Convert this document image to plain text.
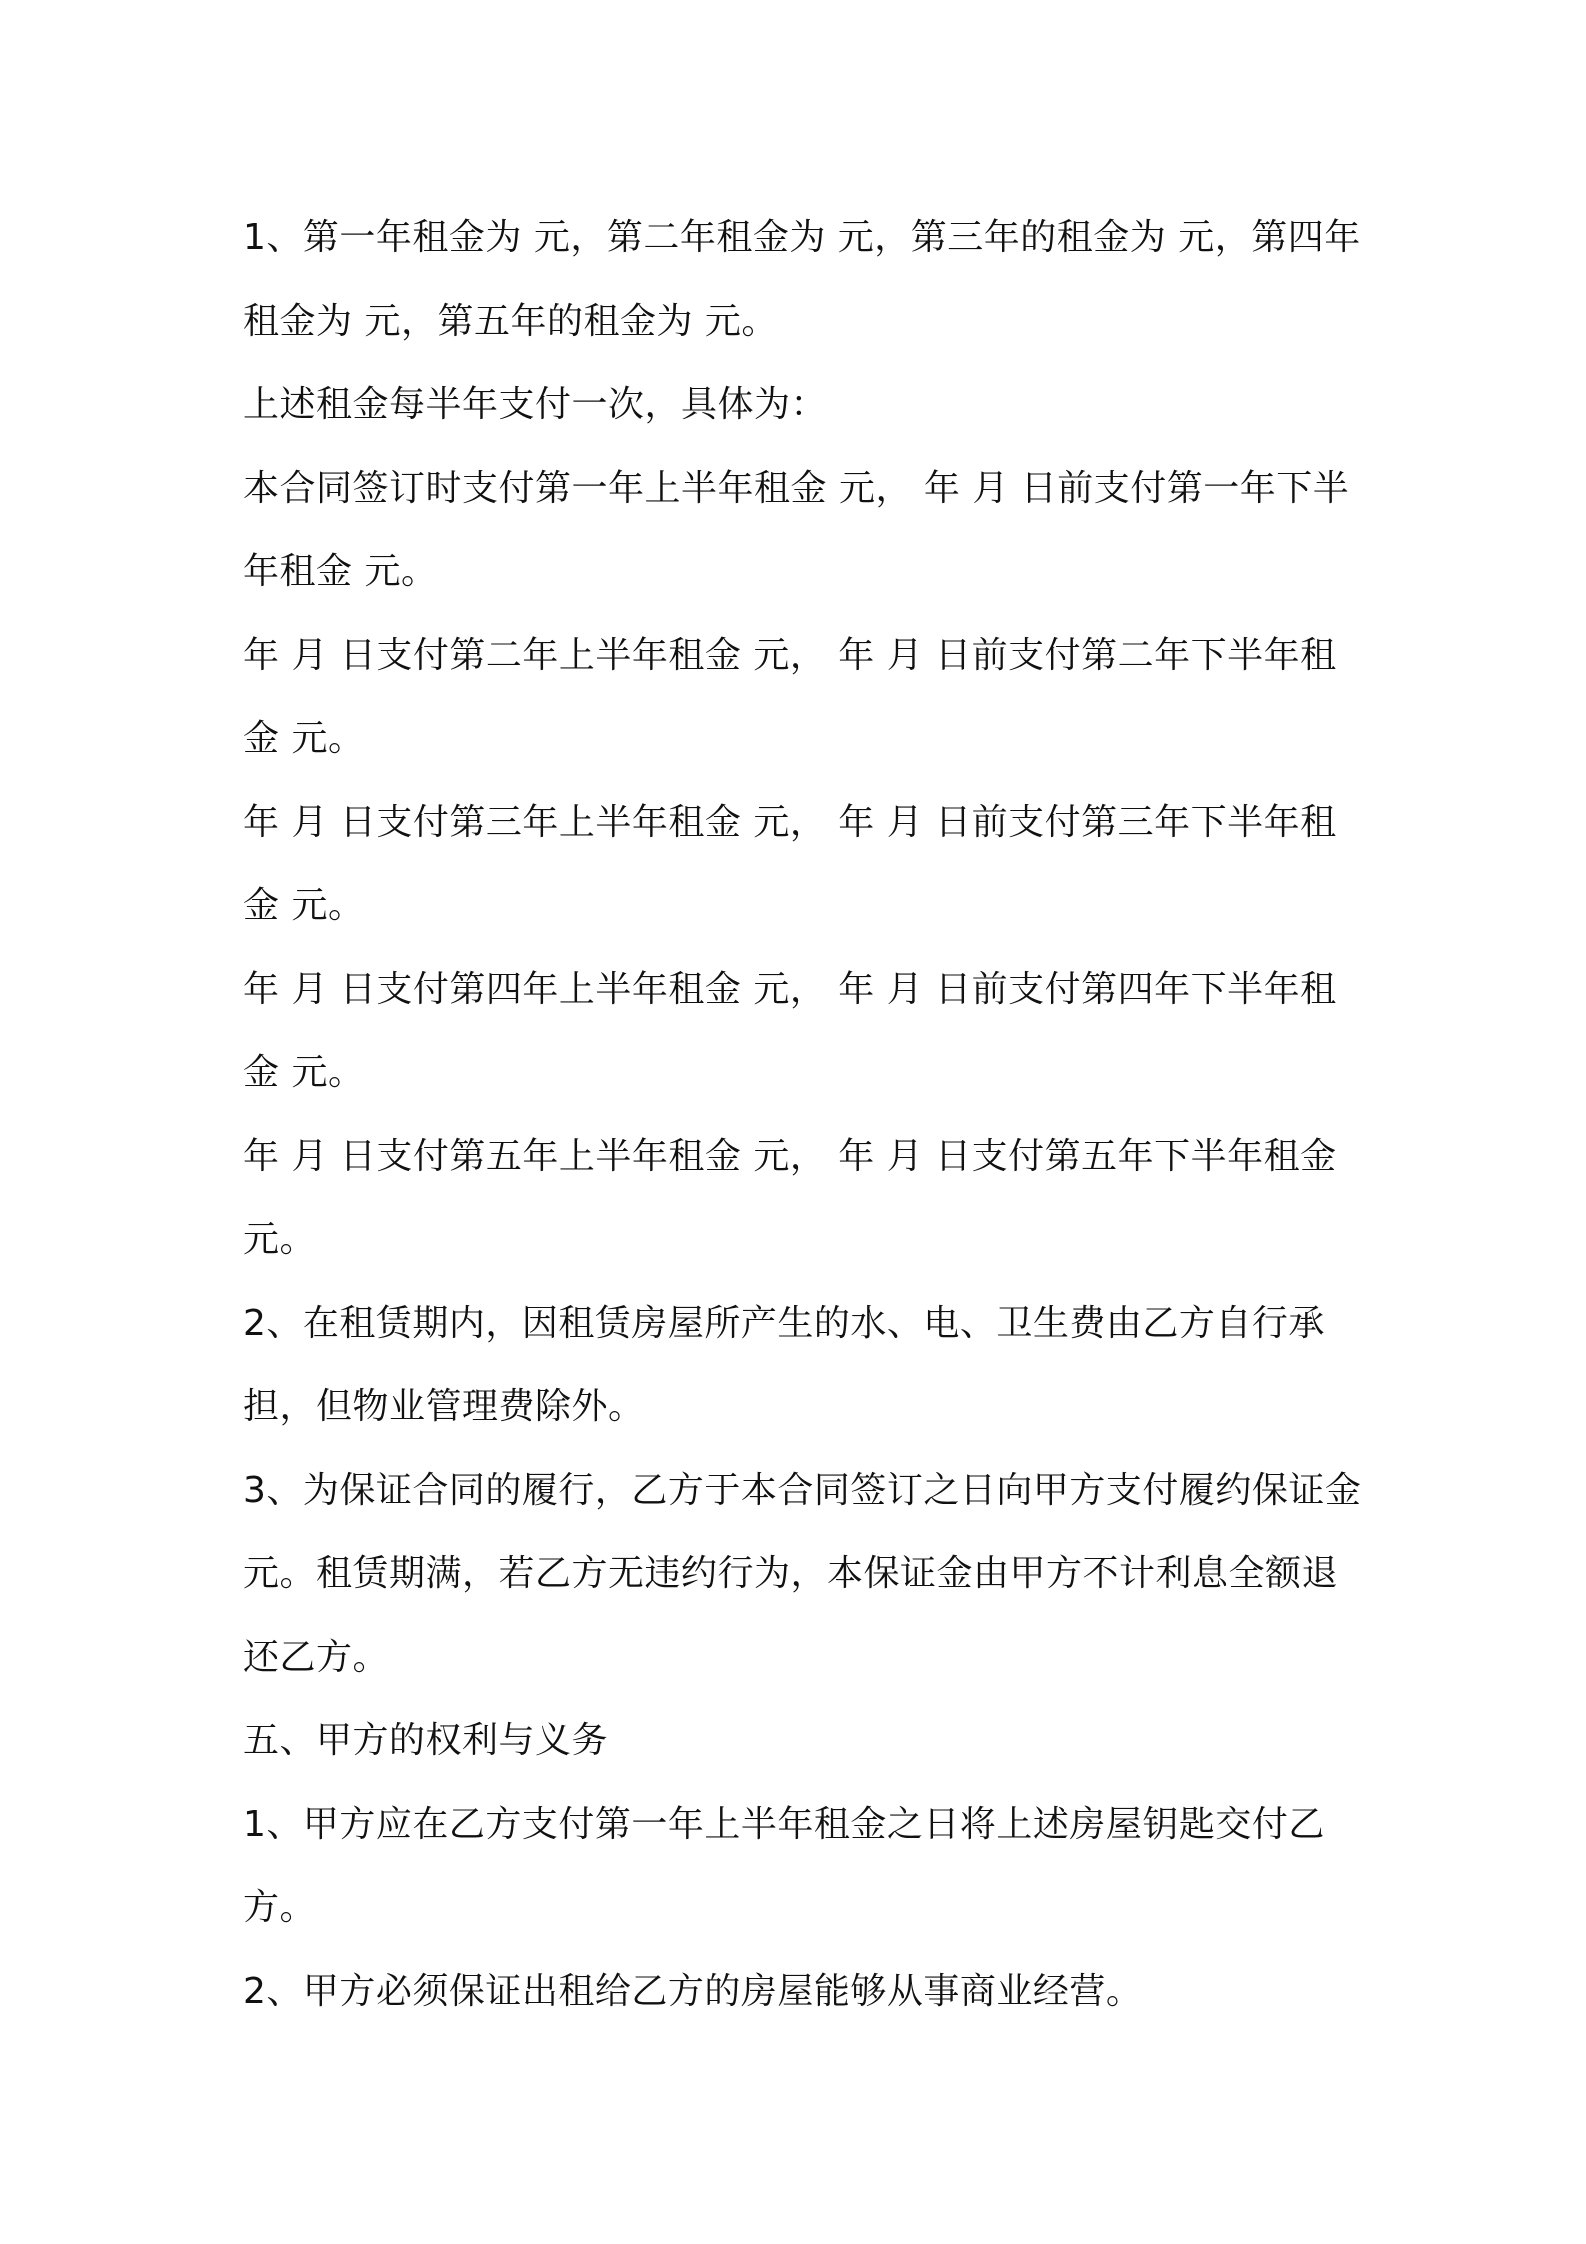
1、第一年租金为 元，第二年租金为 元，第三年的租金为 元，第四年租金为 元，第五年的租金为 元。

上述租金每半年支付一次，具体为：

本合同签订时支付第一年上半年租金 元， 年 月 日前支付第一年下半年租金 元。

年 月 日支付第二年上半年租金 元， 年 月 日前支付第二年下半年租金 元。

年 月 日支付第三年上半年租金 元， 年 月 日前支付第三年下半年租金 元。

年 月 日支付第四年上半年租金 元， 年 月 日前支付第四年下半年租金 元。

年 月 日支付第五年上半年租金 元， 年 月 日支付第五年下半年租金 元。

2、在租赁期内，因租赁房屋所产生的水、电、卫生费由乙方自行承担，但物业管理费除外。

3、为保证合同的履行，乙方于本合同签订之日向甲方支付履约保证金 元。租赁期满，若乙方无违约行为，本保证金由甲方不计利息全额退还乙方。

五、甲方的权利与义务

1、甲方应在乙方支付第一年上半年租金之日将上述房屋钥匙交付乙方。

2、甲方必须保证出租给乙方的房屋能够从事商业经营。
